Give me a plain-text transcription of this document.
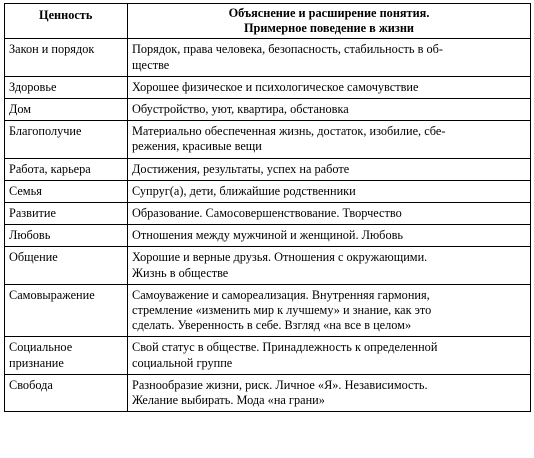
Ценность	Объяснение и расширение понятия.
Примерное поведение в жизни
Закон и порядок	Порядок, права человека, безопасность, стабильность в об-
ществе
Здоровье	Хорошее физическое и психологическое самочувствие
Дом	Обустройство, уют, квартира, обстановка
Благополучие	Материально обеспеченная жизнь, достаток, изобилие, сбе-
режения, красивые вещи
Работа, карьера	Достижения, результаты, успех на работе
Семья	Супруг(а), дети, ближайшие родственники
Развитие	Образование. Самосовершенствование. Творчество
Любовь	Отношения между мужчиной и женщиной. Любовь
Общение	Хорошие и верные друзья. Отношения с окружающими.
Жизнь в обществе
Самовыражение	Самоуважение и самореализация. Внутренняя гармония,
стремление «изменить мир к лучшему» и знание, как это
сделать. Уверенность в себе. Взгляд «на все в целом»
Социальное
признание	Свой статус в обществе. Принадлежность к определенной
социальной группе
Свобода	Разнообразие жизни, риск. Личное «Я». Независимость.
Желание выбирать. Мода «на грани»
